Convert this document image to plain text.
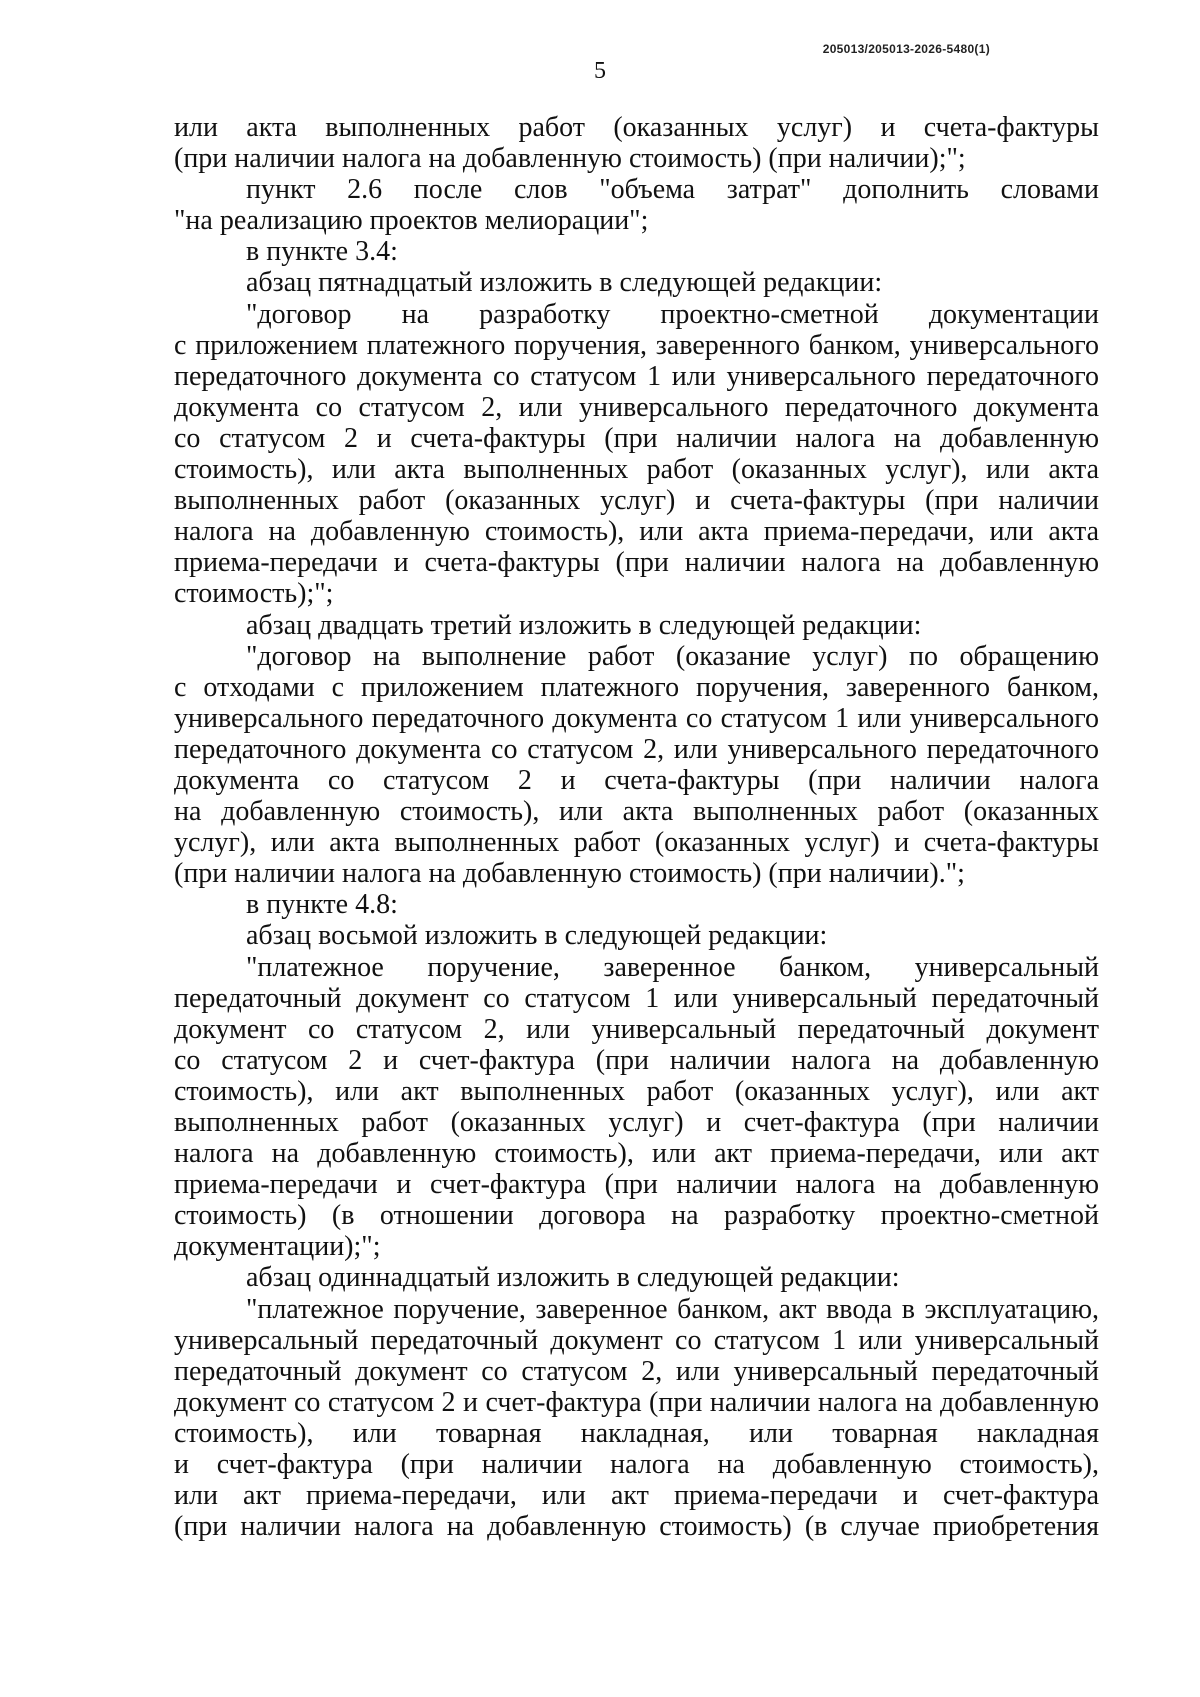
205013/205013-2026-5480(1)
5
или акта выполненных работ (оказанных услуг) и счета-фактуры
(при наличии налога на добавленную стоимость) (при наличии);";
пункт 2.6 после слов "объема затрат" дополнить словами
"на реализацию проектов мелиорации";
в пункте 3.4:
абзац пятнадцатый изложить в следующей редакции:
"договор на разработку проектно-сметной документации
с приложением платежного поручения, заверенного банком, универсального
передаточного документа со статусом 1 или универсального передаточного
документа со статусом 2, или универсального передаточного документа
со статусом 2 и счета-фактуры (при наличии налога на добавленную
стоимость), или акта выполненных работ (оказанных услуг), или акта
выполненных работ (оказанных услуг) и счета-фактуры (при наличии
налога на добавленную стоимость), или акта приема-передачи, или акта
приема-передачи и счета-фактуры (при наличии налога на добавленную
стоимость);";
абзац двадцать третий изложить в следующей редакции:
"договор на выполнение работ (оказание услуг) по обращению
с отходами с приложением платежного поручения, заверенного банком,
универсального передаточного документа со статусом 1 или универсального
передаточного документа со статусом 2, или универсального передаточного
документа со статусом 2 и счета-фактуры (при наличии налога
на добавленную стоимость), или акта выполненных работ (оказанных
услуг), или акта выполненных работ (оказанных услуг) и счета-фактуры
(при наличии налога на добавленную стоимость) (при наличии).";
в пункте 4.8:
абзац восьмой изложить в следующей редакции:
"платежное поручение, заверенное банком, универсальный
передаточный документ со статусом 1 или универсальный передаточный
документ со статусом 2, или универсальный передаточный документ
со статусом 2 и счет-фактура (при наличии налога на добавленную
стоимость), или акт выполненных работ (оказанных услуг), или акт
выполненных работ (оказанных услуг) и счет-фактура (при наличии
налога на добавленную стоимость), или акт приема-передачи, или акт
приема-передачи и счет-фактура (при наличии налога на добавленную
стоимость) (в отношении договора на разработку проектно-сметной
документации);";
абзац одиннадцатый изложить в следующей редакции:
"платежное поручение, заверенное банком, акт ввода в эксплуатацию,
универсальный передаточный документ со статусом 1 или универсальный
передаточный документ со статусом 2, или универсальный передаточный
документ со статусом 2 и счет-фактура (при наличии налога на добавленную
стоимость), или товарная накладная, или товарная накладная
и счет-фактура (при наличии налога на добавленную стоимость),
или акт приема-передачи, или акт приема-передачи и счет-фактура
(при наличии налога на добавленную стоимость) (в случае приобретения
